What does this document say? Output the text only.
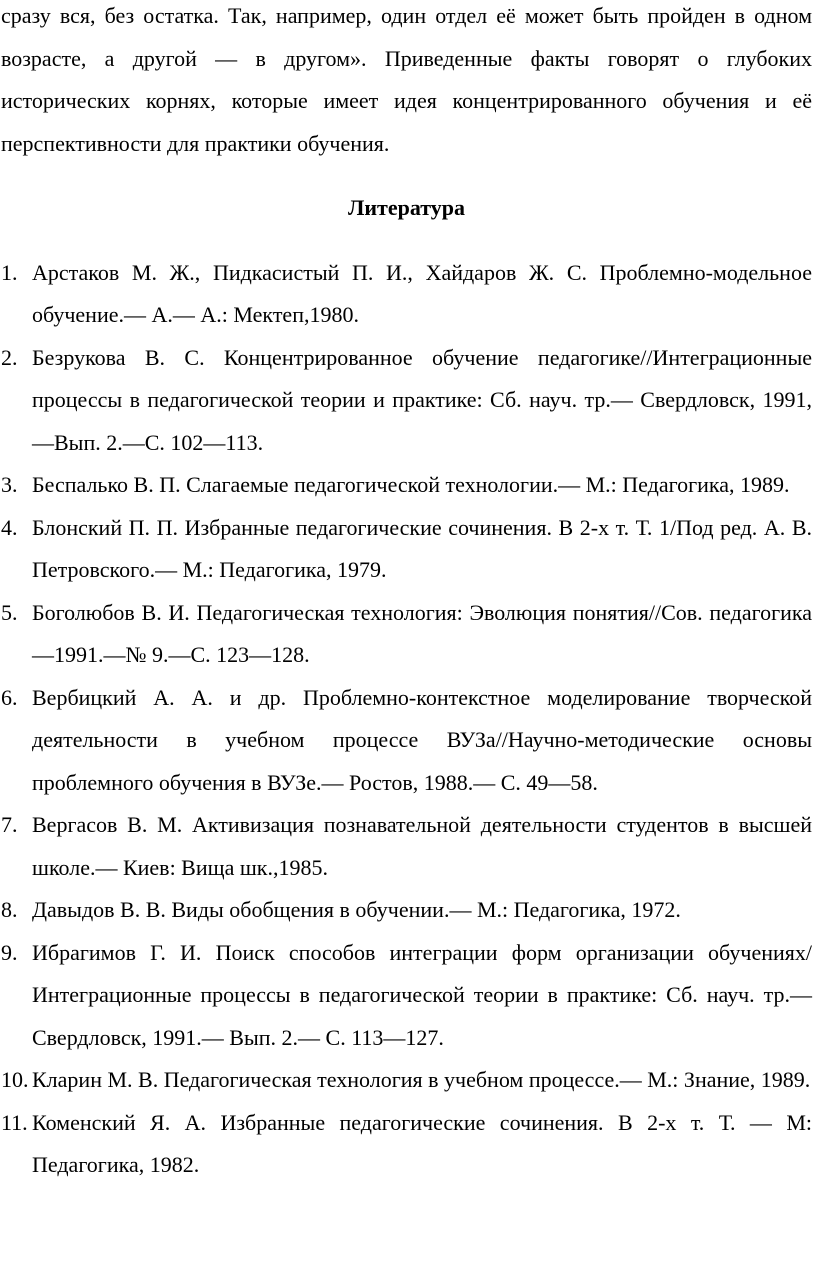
сразу вся, без остатка. Так, например, один отдел её может быть пройден в одном возрасте, а другой — в другом». Приведенные факты говорят о глубоких исторических корнях, которые имеет идея концентрированного обучения и её перспективности для практики обучения.

Литература
1. Арстаков М. Ж., Пидкасистый П. И., Хайдаров Ж. С. Проблемно-модельное обучение.— А.— А.: Мектеп,1980.
2. Безрукова В. С. Концентрированное обучение педагогике//Интеграционные процессы в педагогической теории и практике: Сб. науч. тр.— Свердловск, 1991,—Вып. 2.—С. 102—113.
3. Беспалько В. П. Слагаемые педагогической технологии.— М.: Педагогика, 1989.
4. Блонский П. П. Избранные педагогические сочинения. В 2-х т. Т. 1/Под ред. А. В. Петровского.— М.: Педагогика, 1979.
5. Боголюбов В. И. Педагогическая технология: Эволюция понятия//Сов. педагогика—1991.—№ 9.—С. 123—128.
6. Вербицкий А. А. и др. Проблемно-контекстное моделирование творческой деятельности в учебном процессе ВУЗа//Научно-методические основы проблемного обучения в ВУЗе.— Ростов, 1988.— С. 49—58.
7. Вергасов В. М. Активизация познавательной деятельности студентов в высшей школе.— Киев: Вища шк.,1985.
8. Давыдов В. В. Виды обобщения в обучении.— М.: Педагогика, 1972.
9. Ибрагимов Г. И. Поиск способов интеграции форм организации обучениях/Интеграционные процессы в педагогической теории в практике: Сб. науч. тр.— Свердловск, 1991.— Вып. 2.— С. 113—127.
10. Кларин М. В. Педагогическая технология в учебном процессе.— М.: Знание, 1989.
11. Коменский Я. А. Избранные педагогические сочинения. В 2-х т. Т. — М: Педагогика, 1982.
